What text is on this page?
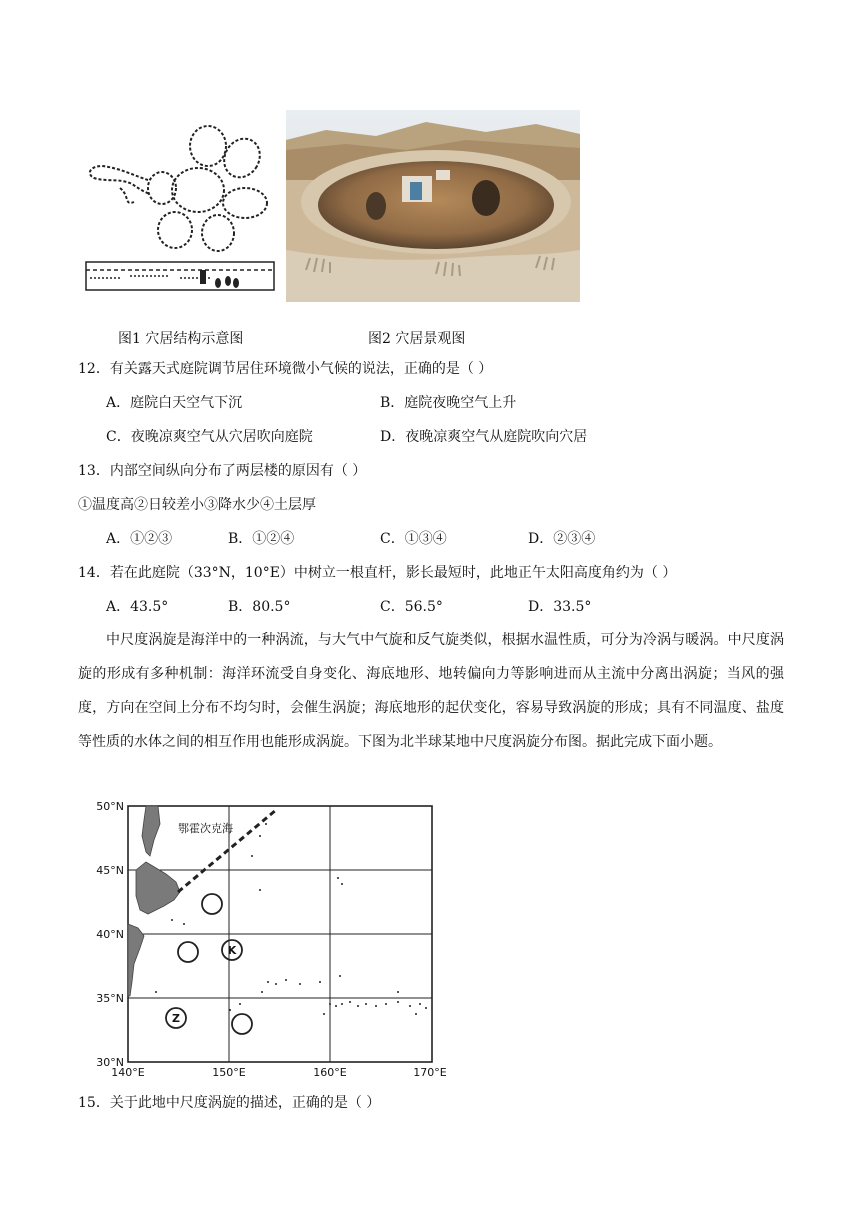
图1 穴居结构示意图	图2 穴居景观图
12．有关露天式庭院调节居住环境微小气候的说法，正确的是（ ）
A．庭院白天空气下沉	B．庭院夜晚空气上升
C．夜晚凉爽空气从穴居吹向庭院	D．夜晚凉爽空气从庭院吹向穴居
13．内部空间纵向分布了两层楼的原因有（ ）
①温度高②日较差小③降水少④土层厚
A．①②③	B．①②④	C．①③④	D．②③④
14．若在此庭院（33°N，10°E）中树立一根直杆，影长最短时，此地正午太阳高度角约为（ ）
A．43.5°	B．80.5°	C．56.5°	D．33.5°
中尺度涡旋是海洋中的一种涡流，与大气中气旋和反气旋类似，根据水温性质，可分为冷涡与暖涡。中尺度涡旋的形成有多种机制：海洋环流受自身变化、海底地形、地转偏向力等影响进而从主流中分离出涡旋；当风的强度，方向在空间上分布不均匀时，会催生涡旋；海底地形的起伏变化，容易导致涡旋的形成；具有不同温度、盐度等性质的水体之间的相互作用也能形成涡旋。下图为北半球某地中尺度涡旋分布图。据此完成下面小题。
K
Z
鄂霍次克海
50°N
45°N
40°N
35°N
30°N
140°E	150°E	160°E	170°E
15．关于此地中尺度涡旋的描述，正确的是（ ）
